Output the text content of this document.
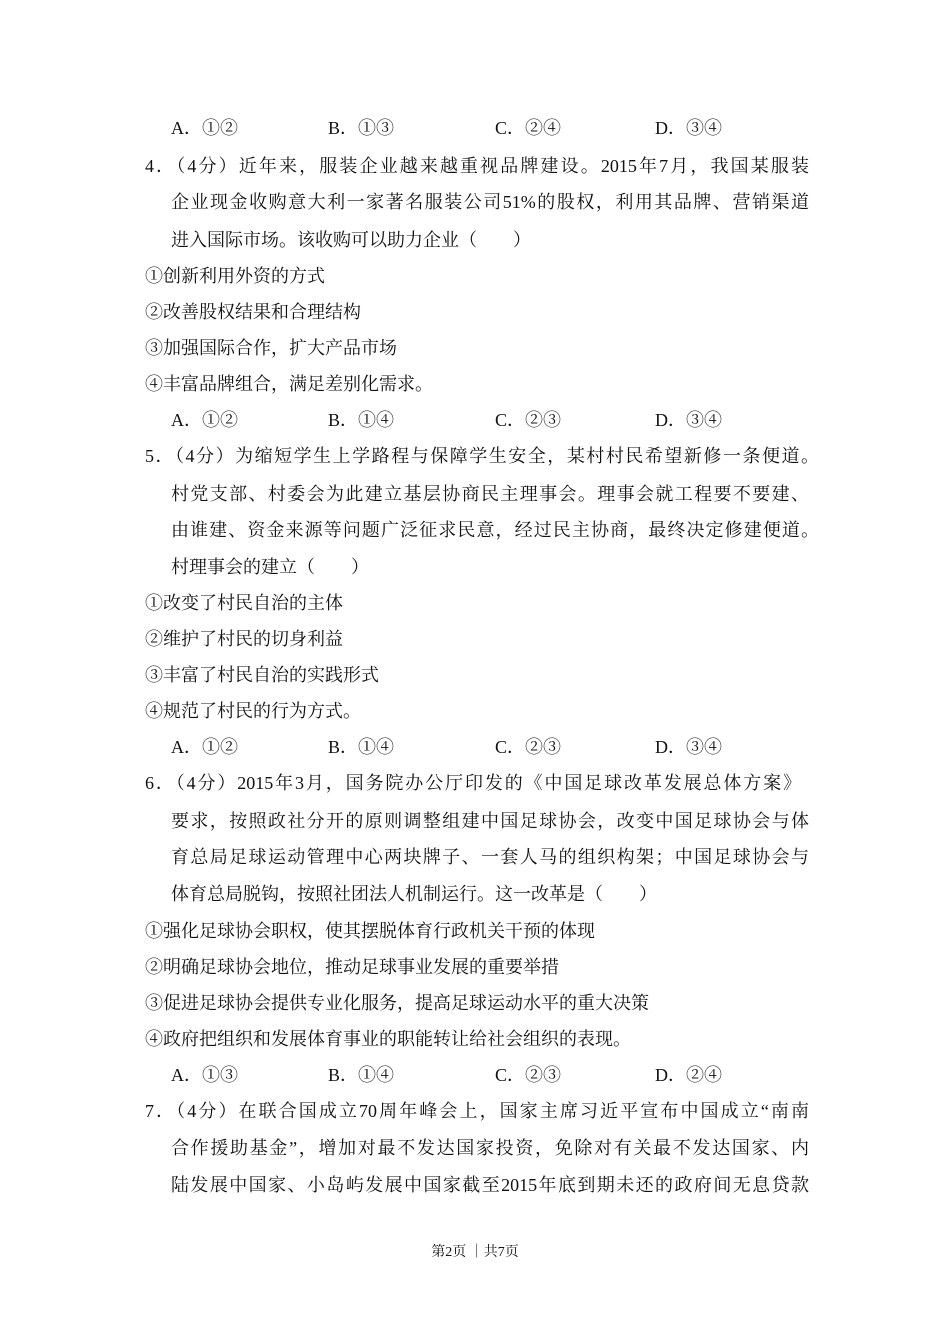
A．①②	B．①③	C．②④	D．③④
4．（4分）近年来，服装企业越来越重视品牌建设。2015年7月，我国某服装
企业现金收购意大利一家著名服装公司51%的股权，利用其品牌、营销渠道
进入国际市场。该收购可以助力企业（　　）
①创新利用外资的方式
②改善股权结果和合理结构
③加强国际合作，扩大产品市场
④丰富品牌组合，满足差别化需求。
A．①②	B．①④	C．②③	D．③④
5．（4分）为缩短学生上学路程与保障学生安全，某村村民希望新修一条便道。
村党支部、村委会为此建立基层协商民主理事会。理事会就工程要不要建、
由谁建、资金来源等问题广泛征求民意，经过民主协商，最终决定修建便道。
村理事会的建立（　　）
①改变了村民自治的主体
②维护了村民的切身利益
③丰富了村民自治的实践形式
④规范了村民的行为方式。
A．①②	B．①④	C．②③	D．③④
6．（4分）2015年3月，国务院办公厅印发的《中国足球改革发展总体方案》
要求，按照政社分开的原则调整组建中国足球协会，改变中国足球协会与体
育总局足球运动管理中心两块牌子、一套人马的组织构架；中国足球协会与
体育总局脱钩，按照社团法人机制运行。这一改革是（　　）
①强化足球协会职权，使其摆脱体育行政机关干预的体现
②明确足球协会地位，推动足球事业发展的重要举措
③促进足球协会提供专业化服务，提高足球运动水平的重大决策
④政府把组织和发展体育事业的职能转让给社会组织的表现。
A．①③	B．①④	C．②③	D．②④
7．（4分）在联合国成立70周年峰会上，国家主席习近平宣布中国成立“南南
合作援助基金”，增加对最不发达国家投资，免除对有关最不发达国家、内
陆发展中国家、小岛屿发展中国家截至2015年底到期未还的政府间无息贷款
第2页 ｜共7页
